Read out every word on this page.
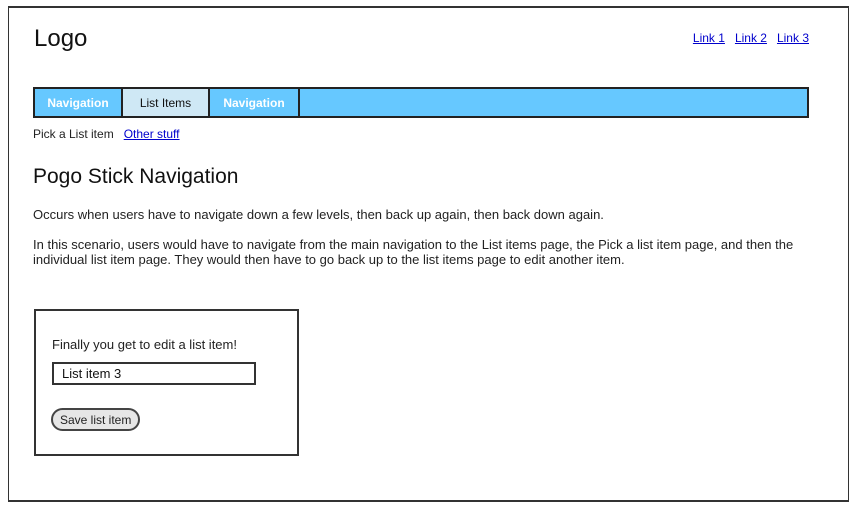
Logo	Link 1 Link 2 Link 3
Navigation	List Items	Navigation
Pick a List item Other stuff
Pogo Stick Navigation
Occurs when users have to navigate down a few levels, then back up again, then back down again.
In this scenario, users would have to navigate from the main navigation to the List items page, the Pick a list item page, and then the individual list item page. They would then have to go back up to the list items page to edit another item.
Finally you get to edit a list item!
List item 3
Save list item
